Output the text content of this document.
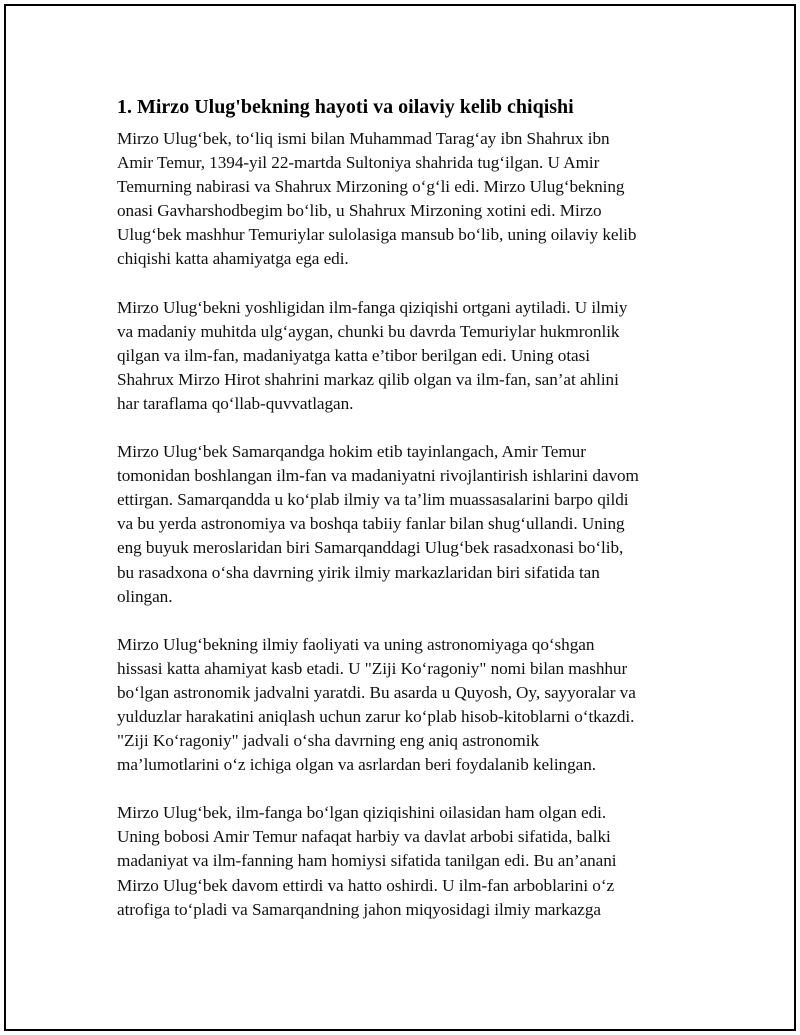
1. Mirzo Ulug'bekning hayoti va oilaviy kelib chiqishi

Mirzo Ulug‘bek, to‘liq ismi bilan Muhammad Tarag‘ay ibn Shahrux ibn
Amir Temur, 1394-yil 22-martda Sultoniya shahrida tug‘ilgan. U Amir
Temurning nabirasi va Shahrux Mirzoning o‘g‘li edi. Mirzo Ulug‘bekning
onasi Gavharshodbegim bo‘lib, u Shahrux Mirzoning xotini edi. Mirzo
Ulug‘bek mashhur Temuriylar sulolasiga mansub bo‘lib, uning oilaviy kelib
chiqishi katta ahamiyatga ega edi.

Mirzo Ulug‘bekni yoshligidan ilm-fanga qiziqishi ortgani aytiladi. U ilmiy
va madaniy muhitda ulg‘aygan, chunki bu davrda Temuriylar hukmronlik
qilgan va ilm-fan, madaniyatga katta e’tibor berilgan edi. Uning otasi
Shahrux Mirzo Hirot shahrini markaz qilib olgan va ilm-fan, san’at ahlini
har taraflama qo‘llab-quvvatlagan.

Mirzo Ulug‘bek Samarqandga hokim etib tayinlangach, Amir Temur
tomonidan boshlangan ilm-fan va madaniyatni rivojlantirish ishlarini davom
ettirgan. Samarqandda u ko‘plab ilmiy va ta’lim muassasalarini barpo qildi
va bu yerda astronomiya va boshqa tabiiy fanlar bilan shug‘ullandi. Uning
eng buyuk meroslaridan biri Samarqanddagi Ulug‘bek rasadxonasi bo‘lib,
bu rasadxona o‘sha davrning yirik ilmiy markazlaridan biri sifatida tan
olingan.

Mirzo Ulug‘bekning ilmiy faoliyati va uning astronomiyaga qo‘shgan
hissasi katta ahamiyat kasb etadi. U "Ziji Ko‘ragoniy" nomi bilan mashhur
bo‘lgan astronomik jadvalni yaratdi. Bu asarda u Quyosh, Oy, sayyoralar va
yulduzlar harakatini aniqlash uchun zarur ko‘plab hisob-kitoblarni o‘tkazdi.
"Ziji Ko‘ragoniy" jadvali o‘sha davrning eng aniq astronomik
ma’lumotlarini o‘z ichiga olgan va asrlardan beri foydalanib kelingan.

Mirzo Ulug‘bek, ilm-fanga bo‘lgan qiziqishini oilasidan ham olgan edi.
Uning bobosi Amir Temur nafaqat harbiy va davlat arbobi sifatida, balki
madaniyat va ilm-fanning ham homiysi sifatida tanilgan edi. Bu an’anani
Mirzo Ulug‘bek davom ettirdi va hatto oshirdi. U ilm-fan arboblarini o‘z
atrofiga to‘pladi va Samarqandning jahon miqyosidagi ilmiy markazga
